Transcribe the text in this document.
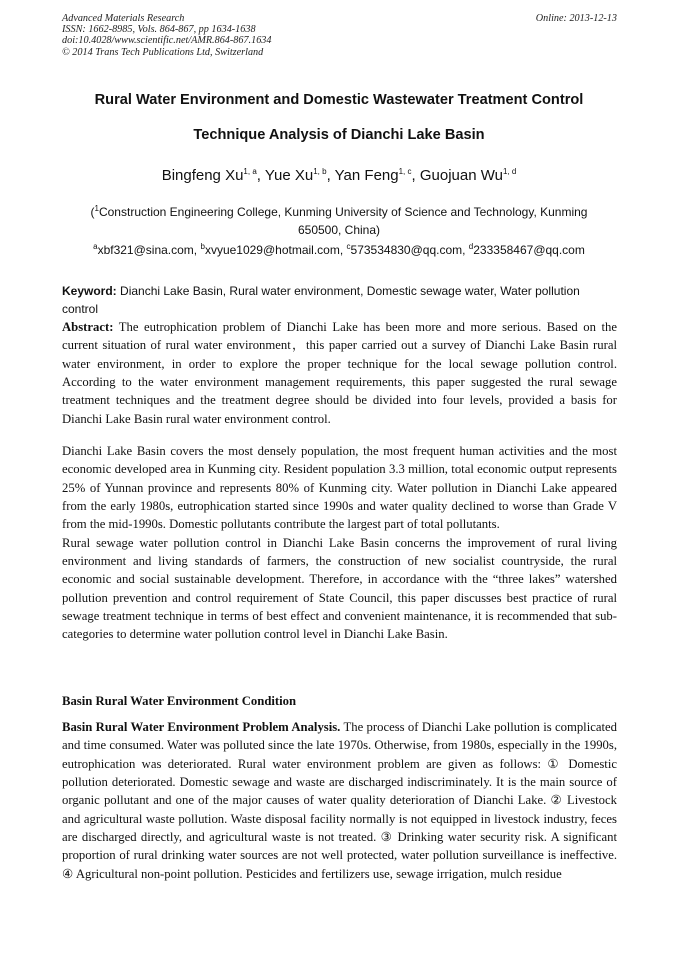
Advanced Materials Research
ISSN: 1662-8985, Vols. 864-867, pp 1634-1638
doi:10.4028/www.scientific.net/AMR.864-867.1634
© 2014 Trans Tech Publications Ltd, Switzerland
Online: 2013-12-13
Rural Water Environment and Domestic Wastewater Treatment Control
Technique Analysis of Dianchi Lake Basin
Bingfeng Xu$^{1, a}$, Yue Xu$^{1, b}$, Yan Feng$^{1, c}$, Guojuan Wu$^{1, d}$
($^1$Construction Engineering College, Kunming University of Science and Technology, Kunming 650500, China)
$^a$xbf321@sina.com, $^b$xvyue1029@hotmail.com, $^c$573534830@qq.com, $^d$233358467@qq.com
Keyword: Dianchi Lake Basin, Rural water environment, Domestic sewage water, Water pollution control

Abstract: The eutrophication problem of Dianchi Lake has been more and more serious. Based on the current situation of rural water environment，this paper carried out a survey of Dianchi Lake Basin rural water environment, in order to explore the proper technique for the local sewage pollution control. According to the water environment management requirements, this paper suggested the rural sewage treatment techniques and the treatment degree should be divided into four levels, provided a basis for Dianchi Lake Basin rural water environment control.

Dianchi Lake Basin covers the most densely population, the most frequent human activities and the most economic developed area in Kunming city. Resident population 3.3 million, total economic output represents 25% of Yunnan province and represents 80% of Kunming city. Water pollution in Dianchi Lake appeared from the early 1980s, eutrophication started since 1990s and water quality declined to worse than Grade V from the mid-1990s. Domestic pollutants contribute the largest part of total pollutants.

Rural sewage water pollution control in Dianchi Lake Basin concerns the improvement of rural living environment and living standards of farmers, the construction of new socialist countryside, the rural economic and social sustainable development. Therefore, in accordance with the “three lakes” watershed pollution prevention and control requirement of State Council, this paper discusses best practice of rural sewage treatment technique in terms of best effect and convenient maintenance, it is recommended that sub-categories to determine water pollution control level in Dianchi Lake Basin.

Basin Rural Water Environment Condition

Basin Rural Water Environment Problem Analysis. The process of Dianchi Lake pollution is complicated and time consumed. Water was polluted since the late 1970s. Otherwise, from 1980s, especially in the 1990s, eutrophication was deteriorated. Rural water environment problem are given as follows: ① Domestic pollution deteriorated. Domestic sewage and waste are discharged indiscriminately. It is the main source of organic pollutant and one of the major causes of water quality deterioration of Dianchi Lake. ② Livestock and agricultural waste pollution. Waste disposal facility normally is not equipped in livestock industry, feces are discharged directly, and agricultural waste is not treated. ③ Drinking water security risk. A significant proportion of rural drinking water sources are not well protected, water pollution surveillance is ineffective. ④ Agricultural non-point pollution. Pesticides and fertilizers use, sewage irrigation, mulch residue
